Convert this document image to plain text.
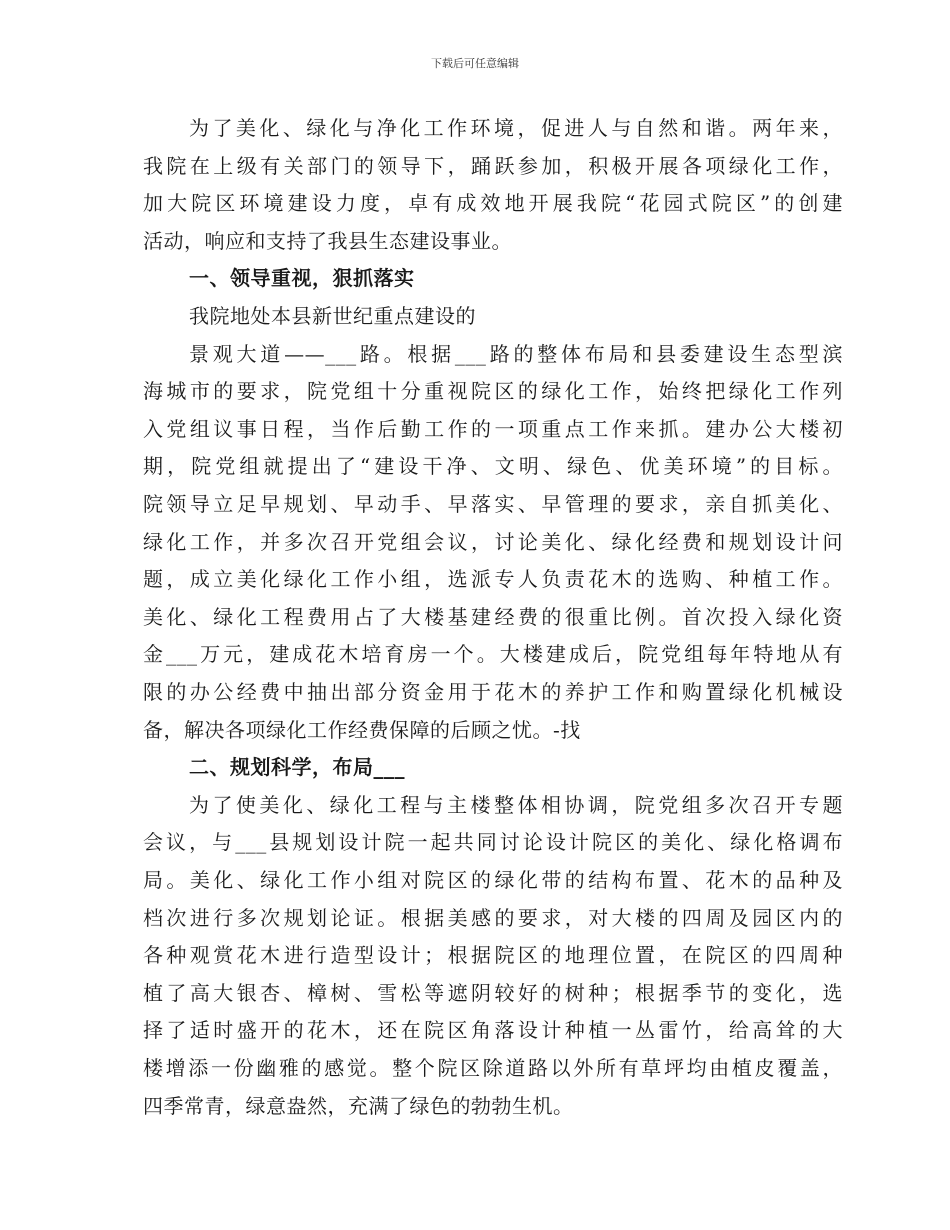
下载后可任意编辑
为了美化、绿化与净化工作环境，促进人与自然和谐。两年来，
我院在上级有关部门的领导下，踊跃参加，积极开展各项绿化工作，
加大院区环境建设力度，卓有成效地开展我院“花园式院区”的创建
活动，响应和支持了我县生态建设事业。
一、领导重视，狠抓落实
我院地处本县新世纪重点建设的
景观大道——___路。根据___路的整体布局和县委建设生态型滨
海城市的要求，院党组十分重视院区的绿化工作，始终把绿化工作列
入党组议事日程，当作后勤工作的一项重点工作来抓。建办公大楼初
期，院党组就提出了“建设干净、文明、绿色、优美环境”的目标。
院领导立足早规划、早动手、早落实、早管理的要求，亲自抓美化、
绿化工作，并多次召开党组会议，讨论美化、绿化经费和规划设计问
题，成立美化绿化工作小组，选派专人负责花木的选购、种植工作。
美化、绿化工程费用占了大楼基建经费的很重比例。首次投入绿化资
金___万元，建成花木培育房一个。大楼建成后，院党组每年特地从有
限的办公经费中抽出部分资金用于花木的养护工作和购置绿化机械设
备，解决各项绿化工作经费保障的后顾之忧。-找
二、规划科学，布局___
为了使美化、绿化工程与主楼整体相协调，院党组多次召开专题
会议，与___县规划设计院一起共同讨论设计院区的美化、绿化格调布
局。美化、绿化工作小组对院区的绿化带的结构布置、花木的品种及
档次进行多次规划论证。根据美感的要求，对大楼的四周及园区内的
各种观赏花木进行造型设计；根据院区的地理位置，在院区的四周种
植了高大银杏、樟树、雪松等遮阴较好的树种；根据季节的变化，选
择了适时盛开的花木，还在院区角落设计种植一丛雷竹，给高耸的大
楼增添一份幽雅的感觉。整个院区除道路以外所有草坪均由植皮覆盖，
四季常青，绿意盎然，充满了绿色的勃勃生机。
